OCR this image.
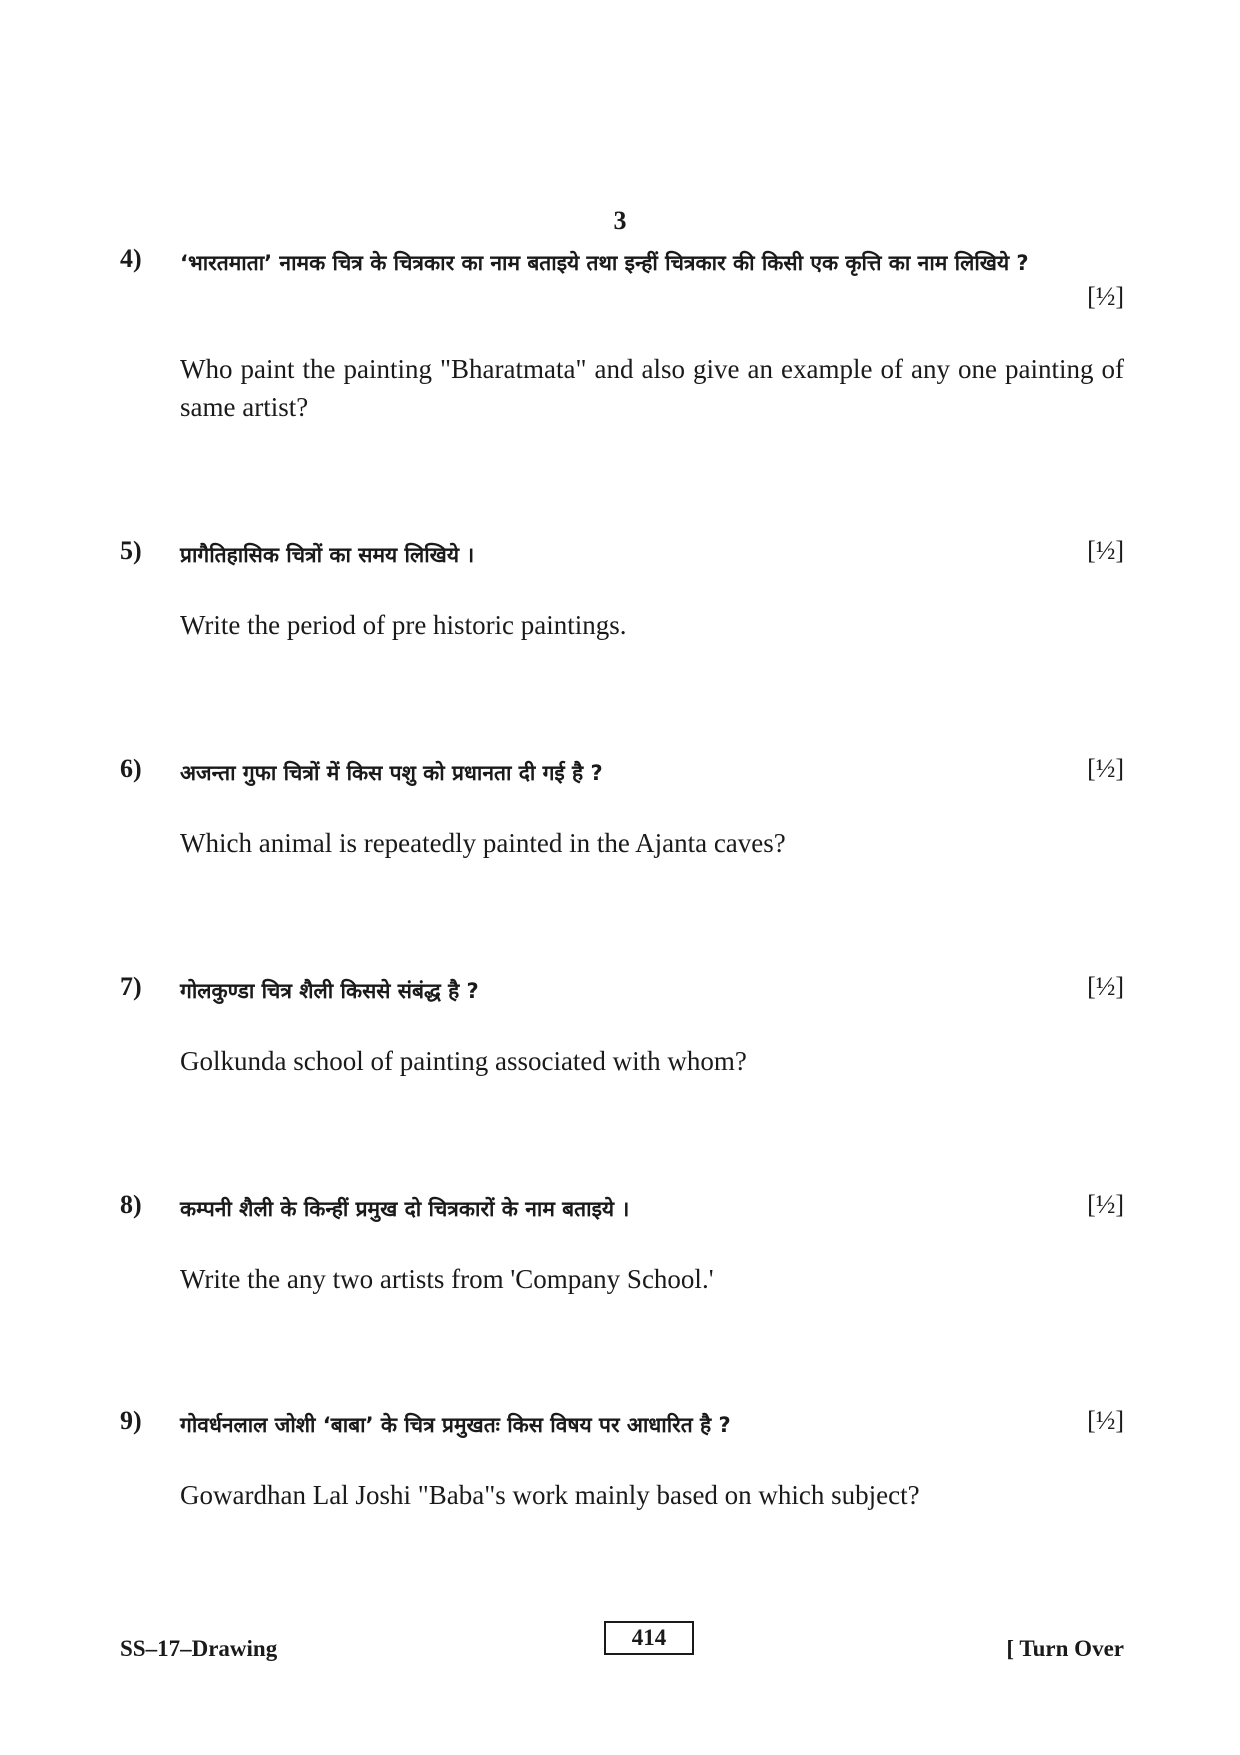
3
4) ‘भारतमाता’ नामक चित्र के चित्रकार का नाम बताइये तथा इन्हीं चित्रकार की किसी एक कृत्ति का नाम लिखिये ?
[½]
Who paint the painting "Bharatmata" and also give an example of any one painting of same artist?
5) प्रागैतिहासिक चित्रों का समय लिखिये ।	[½]
Write the period of pre historic paintings.
6) अजन्ता गुफा चित्रों में किस पशु को प्रधानता दी गई है ?	[½]
Which animal is repeatedly painted in the Ajanta caves?
7) गोलकुण्डा चित्र शैली किससे संबंद्ध है ?	[½]
Golkunda school of painting associated with whom?
8) कम्पनी शैली के किन्हीं प्रमुख दो चित्रकारों के नाम बताइये ।	[½]
Write the any two artists from 'Company School.'
9) गोवर्धनलाल जोशी ‘बाबा’ के चित्र प्रमुखतः किस विषय पर आधारित है ?	[½]
Gowardhan Lal Joshi "Baba"s work mainly based on which subject?
SS–17–Drawing	414	[ Turn Over
